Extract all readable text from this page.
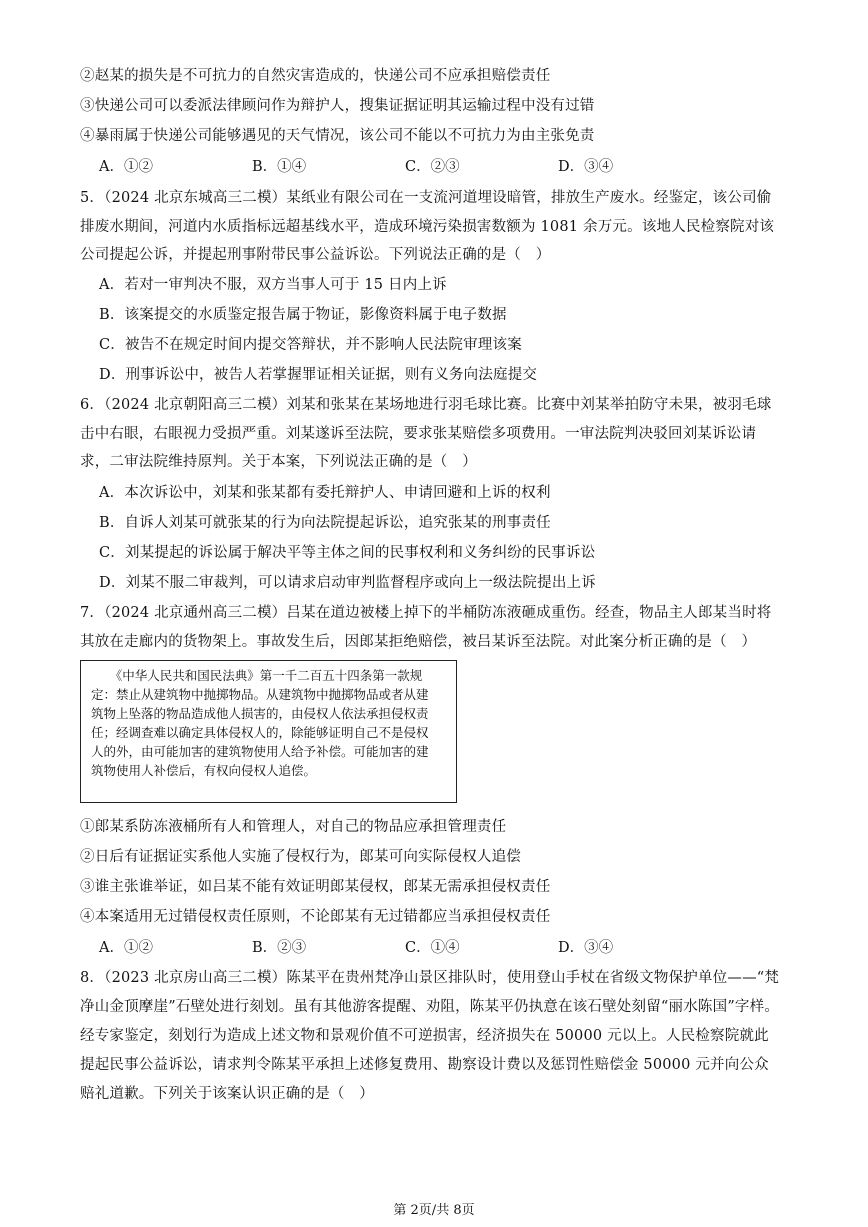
②赵某的损失是不可抗力的自然灾害造成的，快递公司不应承担赔偿责任
③快递公司可以委派法律顾问作为辩护人，搜集证据证明其运输过程中没有过错
④暴雨属于快递公司能够遇见的天气情况，该公司不能以不可抗力为由主张免责
A．①②	B．①④	C．②③	D．③④
5．（2024 北京东城高三二模）某纸业有限公司在一支流河道埋设暗管，排放生产废水。经鉴定，该公司偷
排废水期间，河道内水质指标远超基线水平，造成环境污染损害数额为 1081 余万元。该地人民检察院对该
公司提起公诉，并提起刑事附带民事公益诉讼。下列说法正确的是（　）
A．若对一审判决不服，双方当事人可于 15 日内上诉
B．该案提交的水质鉴定报告属于物证，影像资料属于电子数据
C．被告不在规定时间内提交答辩状，并不影响人民法院审理该案
D．刑事诉讼中，被告人若掌握罪证相关证据，则有义务向法庭提交
6．（2024 北京朝阳高三二模）刘某和张某在某场地进行羽毛球比赛。比赛中刘某举拍防守未果，被羽毛球
击中右眼，右眼视力受损严重。刘某遂诉至法院，要求张某赔偿多项费用。一审法院判决驳回刘某诉讼请
求，二审法院维持原判。关于本案，下列说法正确的是（　）
A．本次诉讼中，刘某和张某都有委托辩护人、申请回避和上诉的权利
B．自诉人刘某可就张某的行为向法院提起诉讼，追究张某的刑事责任
C．刘某提起的诉讼属于解决平等主体之间的民事权利和义务纠纷的民事诉讼
D．刘某不服二审裁判，可以请求启动审判监督程序或向上一级法院提出上诉
7．（2024 北京通州高三二模）吕某在道边被楼上掉下的半桶防冻液砸成重伤。经查，物品主人郎某当时将
其放在走廊内的货物架上。事故发生后，因郎某拒绝赔偿，被吕某诉至法院。对此案分析正确的是（　）
　　《中华人民共和国民法典》第一千二百五十四条第一款规
定：禁止从建筑物中抛掷物品。从建筑物中抛掷物品或者从建
筑物上坠落的物品造成他人损害的，由侵权人依法承担侵权责
任；经调查难以确定具体侵权人的，除能够证明自己不是侵权
人的外，由可能加害的建筑物使用人给予补偿。可能加害的建
筑物使用人补偿后，有权向侵权人追偿。
①郎某系防冻液桶所有人和管理人，对自己的物品应承担管理责任
②日后有证据证实系他人实施了侵权行为，郎某可向实际侵权人追偿
③谁主张谁举证，如吕某不能有效证明郎某侵权，郎某无需承担侵权责任
④本案适用无过错侵权责任原则，不论郎某有无过错都应当承担侵权责任
A．①②	B．②③	C．①④	D．③④
8．（2023 北京房山高三二模）陈某平在贵州梵净山景区排队时，使用登山手杖在省级文物保护单位——“梵
净山金顶摩崖”石壁处进行刻划。虽有其他游客提醒、劝阻，陈某平仍执意在该石壁处刻留“丽水陈国”字样。
经专家鉴定，刻划行为造成上述文物和景观价值不可逆损害，经济损失在 50000 元以上。人民检察院就此
提起民事公益诉讼，请求判令陈某平承担上述修复费用、勘察设计费以及惩罚性赔偿金 50000 元并向公众
赔礼道歉。下列关于该案认识正确的是（　）
第 2页/共 8页
